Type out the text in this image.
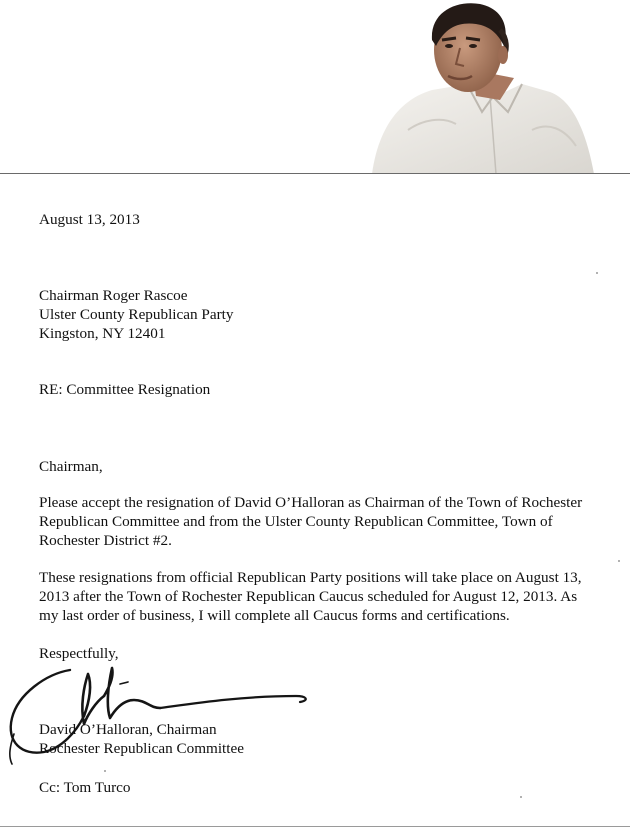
August 13, 2013

Chairman Roger Rascoe

Ulster County Republican Party

Kingston, NY 12401

RE: Committee Resignation

Chairman,

Please accept the resignation of David O’Halloran as Chairman of the Town of Rochester

Republican Committee and from the Ulster County Republican Committee, Town of

Rochester District #2.

These resignations from official Republican Party positions will take place on August 13,

2013 after the Town of Rochester Republican Caucus scheduled for August 12, 2013. As

my last order of business, I will complete all Caucus forms and certifications.

Respectfully,

David O’Halloran, Chairman

Rochester Republican Committee

Cc: Tom Turco
